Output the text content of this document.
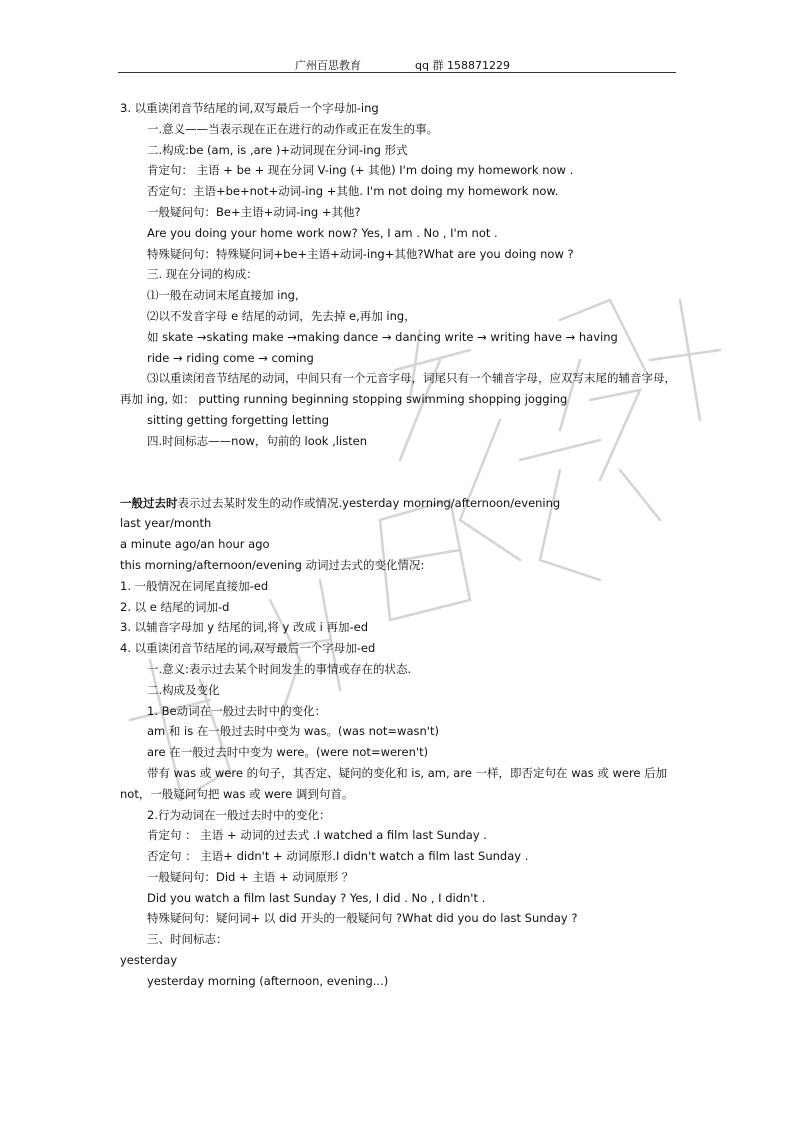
广州百思教育	qq 群 158871229

3. 以重读闭音节结尾的词,双写最后一个字母加-ing

一.意义——当表示现在正在进行的动作或正在发生的事。

二.构成:be (am, is ,are )+动词现在分词-ing 形式

肯定句： 主语 + be + 现在分词 V-ing (+ 其他) I'm doing my homework now .

否定句：主语+be+not+动词-ing +其他. I'm not doing my homework now.

一般疑问句：Be+主语+动词-ing +其他?

Are you doing your home work now? Yes, I am . No , I'm not .

特殊疑问句：特殊疑问词+be+主语+动词-ing+其他?What are you doing now ?

三. 现在分词的构成：

⑴一般在动词末尾直接加 ing,

⑵以不发音字母 e 结尾的动词，先去掉 e,再加 ing，

如 skate →skating make →making dance → dancing write → writing have → having

ride → riding come → coming

⑶以重读闭音节结尾的动词，中间只有一个元音字母，词尾只有一个辅音字母，应双写末尾的辅音字母，再加 ing, 如： putting running beginning stopping swimming shopping jogging

sitting getting forgetting letting

四.时间标志——now，句前的 look ,listen

一般过去时表示过去某时发生的动作或情况.yesterday morning/afternoon/evening

last year/month

a minute ago/an hour ago

this morning/afternoon/evening 动词过去式的变化情况:

1. 一般情况在词尾直接加-ed

2. 以 e 结尾的词加-d

3. 以辅音字母加 y 结尾的词,将 y 改成 i 再加-ed

4. 以重读闭音节结尾的词,双写最后一个字母加-ed

一.意义:表示过去某个时间发生的事情或存在的状态.

二.构成及变化

1. Be动词在一般过去时中的变化：

am 和 is 在一般过去时中变为 was。(was not=wasn't)

are 在一般过去时中变为 were。(were not=weren't)

带有 was 或 were 的句子，其否定、疑问的变化和 is, am, are 一样，即否定句在 was 或 were 后加 not，一般疑问句把 was 或 were 调到句首。

2.行为动词在一般过去时中的变化：

肯定句 ： 主语 + 动词的过去式 .I watched a film last Sunday .

否定句 ： 主语+ didn't + 动词原形.I didn't watch a film last Sunday .

一般疑问句：Did + 主语 + 动词原形 ？

Did you watch a film last Sunday ? Yes, I did . No , I didn't .

特殊疑问句：疑问词+ 以 did 开头的一般疑问句 ?What did you do last Sunday ?

三、时间标志：

yesterday

yesterday morning (afternoon, evening...)
